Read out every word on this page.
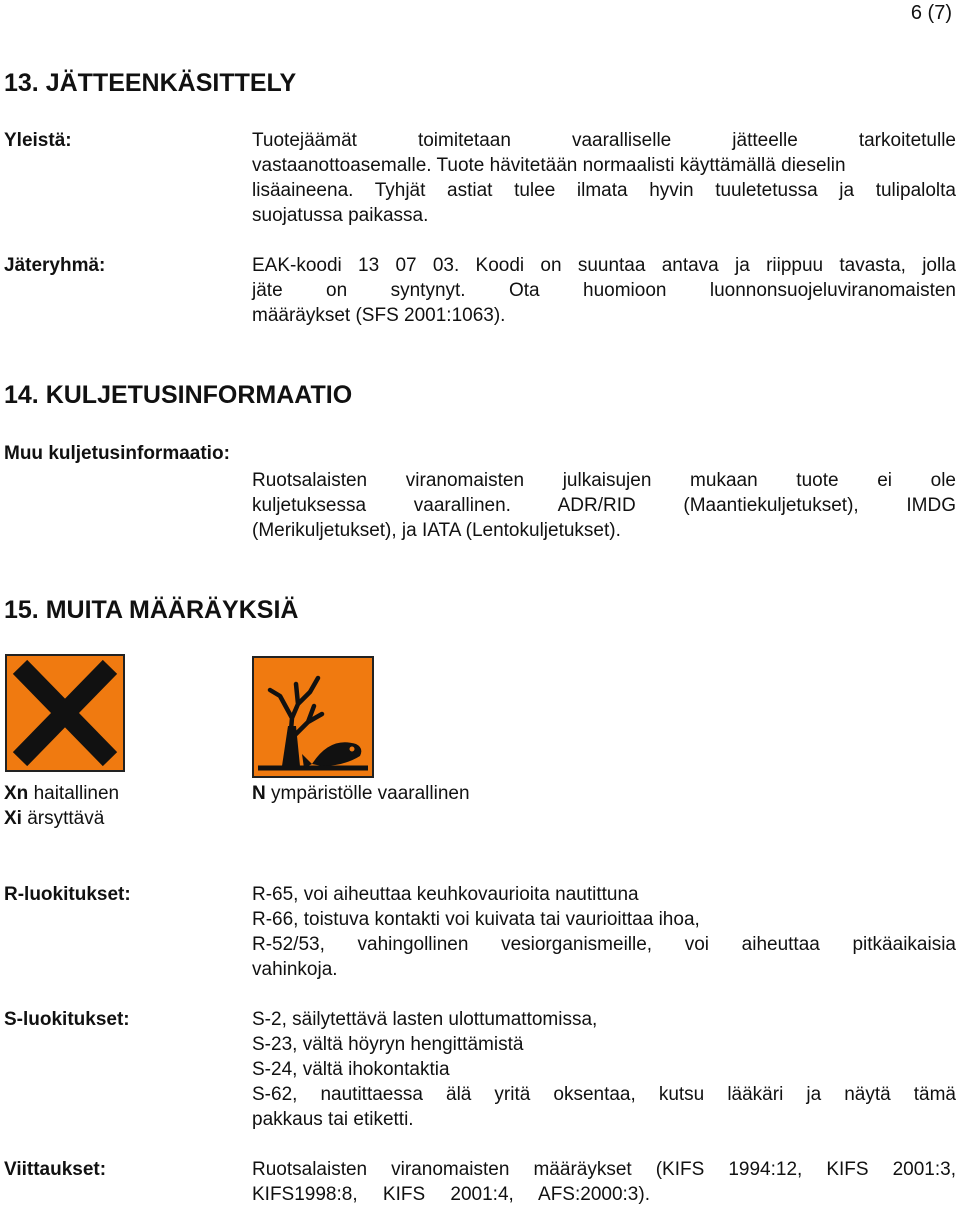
6 (7)
13. JÄTTEENKÄSITTELY
Yleistä:	Tuotejäämät toimitetaan vaaralliselle jätteelle tarkoitetulle
vastaanottoasemalle. Tuote hävitetään normaalisti käyttämällä dieselin
lisäaineena. Tyhjät astiat tulee ilmata hyvin tuuletetussa ja tulipalolta
suojatussa paikassa.
Jäteryhmä:	EAK-koodi 13 07 03. Koodi on suuntaa antava ja riippuu tavasta, jolla
jäte on syntynyt. Ota huomioon luonnonsuojeluviranomaisten
määräykset (SFS 2001:1063).
14. KULJETUSINFORMAATIO
Muu kuljetusinformaatio:
Ruotsalaisten viranomaisten julkaisujen mukaan tuote ei ole
kuljetuksessa vaarallinen. ADR/RID (Maantiekuljetukset), IMDG
(Merikuljetukset), ja IATA (Lentokuljetukset).
15. MUITA MÄÄRÄYKSIÄ
Xn haitallinen
Xi ärsyttävä
N ympäristölle vaarallinen
R-luokitukset:	R-65, voi aiheuttaa keuhkovaurioita nautittuna
R-66, toistuva kontakti voi kuivata tai vaurioittaa ihoa,
R-52/53, vahingollinen vesiorganismeille, voi aiheuttaa pitkäaikaisia
vahinkoja.
S-luokitukset:	S-2, säilytettävä lasten ulottumattomissa,
S-23, vältä höyryn hengittämistä
S-24, vältä ihokontaktia
S-62, nautittaessa älä yritä oksentaa, kutsu lääkäri ja näytä tämä
pakkaus tai etiketti.
Viittaukset:	Ruotsalaisten viranomaisten määräykset (KIFS 1994:12, KIFS 2001:3,
KIFS1998:8, KIFS 2001:4, AFS:2000:3).
